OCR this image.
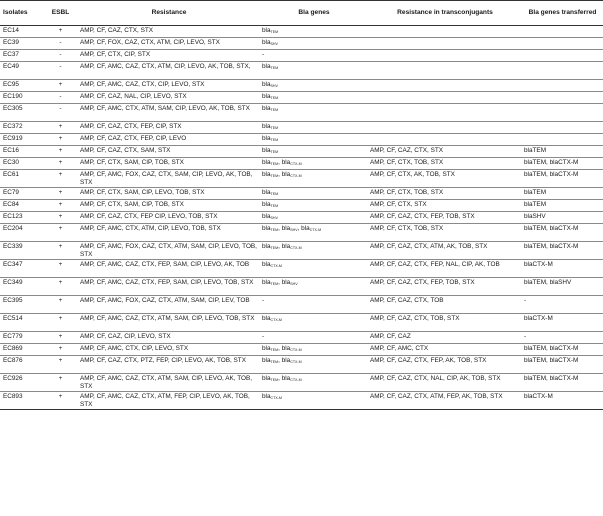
Isolates	ESBL	Resistance	Bla genes	Resistance in transconjugants	Bla genes transferred
EC14	+	AMP, CF, CAZ, CTX, STX	bla$_{TEM}$		
EC39	-	AMP, CF, FOX, CAZ, CTX, ATM, CIP, LEVO, STX	bla$_{SHV}$		
EC37	-	AMP, CF, CTX, CIP, STX	-		
EC49	-	AMP, CF, AMC, CAZ, CTX, ATM, CIP, LEVO, AK, TOB, STX,	bla$_{TEM}$		
EC95	+	AMP, CF, AMC, CAZ, CTX, CIP, LEVO, STX	bla$_{SHV}$		
EC190	-	AMP, CF, CAZ, NAL, CIP, LEVO, STX	bla$_{TEM}$		
EC305	-	AMP, CF, AMC, CTX, ATM, SAM, CIP, LEVO, AK, TOB, STX	bla$_{TEM}$		
EC372	+	AMP, CF, CAZ, CTX, FEP, CIP, STX	bla$_{TEM}$		
EC919	+	AMP, CF, CAZ, CTX, FEP, CIP, LEVO	bla$_{TEM}$		
EC16	+	AMP, CF, CAZ, CTX, SAM, STX	bla$_{TEM}$	AMP, CF, CAZ, CTX, STX	blaTEM
EC30	+	AMP, CF, CTX, SAM, CIP, TOB, STX	bla$_{TEM}$, bla$_{CTX-M}$	AMP, CF, CTX, TOB, STX	blaTEM, blaCTX-M
EC61	+	AMP, CF, AMC, FOX, CAZ, CTX, SAM, CIP, LEVO, AK, TOB, STX	bla$_{TEM}$, bla$_{CTX-M}$	AMP, CF, CTX, AK, TOB, STX	blaTEM, blaCTX-M
EC79	+	AMP, CF, CTX, SAM, CIP, LEVO, TOB, STX	bla$_{TEM}$	AMP, CF, CTX, TOB, STX	blaTEM
EC84	+	AMP, CF, CTX, SAM, CIP, TOB, STX	bla$_{TEM}$	AMP, CF, CTX, STX	blaTEM
EC123	+	AMP, CF, CAZ, CTX, FEP CIP, LEVO, TOB, STX	bla$_{SHV}$	AMP, CF, CAZ, CTX, FEP, TOB, STX	blaSHV
EC204	+	AMP, CF, AMC, CTX, ATM, CIP, LEVO, TOB, STX	bla$_{TEM}$, bla$_{SHV}$, bla$_{CTX-M}$	AMP, CF, CTX, TOB, STX	blaTEM, blaCTX-M
EC339	+	AMP, CF, AMC, FOX, CAZ, CTX, ATM, SAM, CIP, LEVO, TOB, STX	bla$_{TEM}$, bla$_{CTX-M}$	AMP, CF, CAZ, CTX, ATM, AK, TOB, STX	blaTEM, blaCTX-M
EC347	+	AMP, CF, AMC, CAZ, CTX, FEP, SAM, CIP, LEVO, AK, TOB	bla$_{CTX-M}$	AMP, CF, CAZ, CTX, FEP, NAL, CIP, AK, TOB	blaCTX-M
EC349	+	AMP, CF, AMC, CAZ, CTX, FEP, SAM, CIP, LEVO, TOB, STX	bla$_{TEM}$, bla$_{SHV}$	AMP, CF, CAZ, CTX, FEP, TOB, STX	blaTEM, blaSHV
EC395	+	AMP, CF, AMC, FOX, CAZ, CTX, ATM, SAM, CIP, LEV, TOB	-	AMP, CF, CAZ, CTX, TOB	-
EC514	+	AMP, CF, AMC, CAZ, CTX, ATM, SAM, CIP, LEVO, TOB, STX	bla$_{CTX-M}$	AMP, CF, CAZ, CTX, TOB, STX	blaCTX-M
EC779	+	AMP, CF, CAZ, CIP, LEVO, STX	-	AMP, CF, CAZ	-
EC869	+	AMP, CF, AMC, CTX, CIP, LEVO, STX	bla$_{TEM}$, bla$_{CTX-M}$	AMP, CF, AMC, CTX	blaTEM, blaCTX-M
EC876	+	AMP, CF, CAZ, CTX, PTZ, FEP, CIP, LEVO, AK, TOB, STX	bla$_{TEM}$, bla$_{CTX-M}$	AMP, CF, CAZ, CTX, FEP, AK, TOB, STX	blaTEM, blaCTX-M
EC926	+	AMP, CF, AMC, CAZ, CTX, ATM, SAM, CIP, LEVO, AK, TOB, STX	bla$_{TEM}$, bla$_{CTX-M}$	AMP, CF, CAZ, CTX, NAL, CIP, AK, TOB, STX	blaTEM, blaCTX-M
EC893	+	AMP, CF, AMC, CAZ, CTX, ATM, FEP, CIP, LEVO, AK, TOB, STX	bla$_{CTX-M}$	AMP, CF, CAZ, CTX, ATM, FEP, AK, TOB, STX	blaCTX-M
